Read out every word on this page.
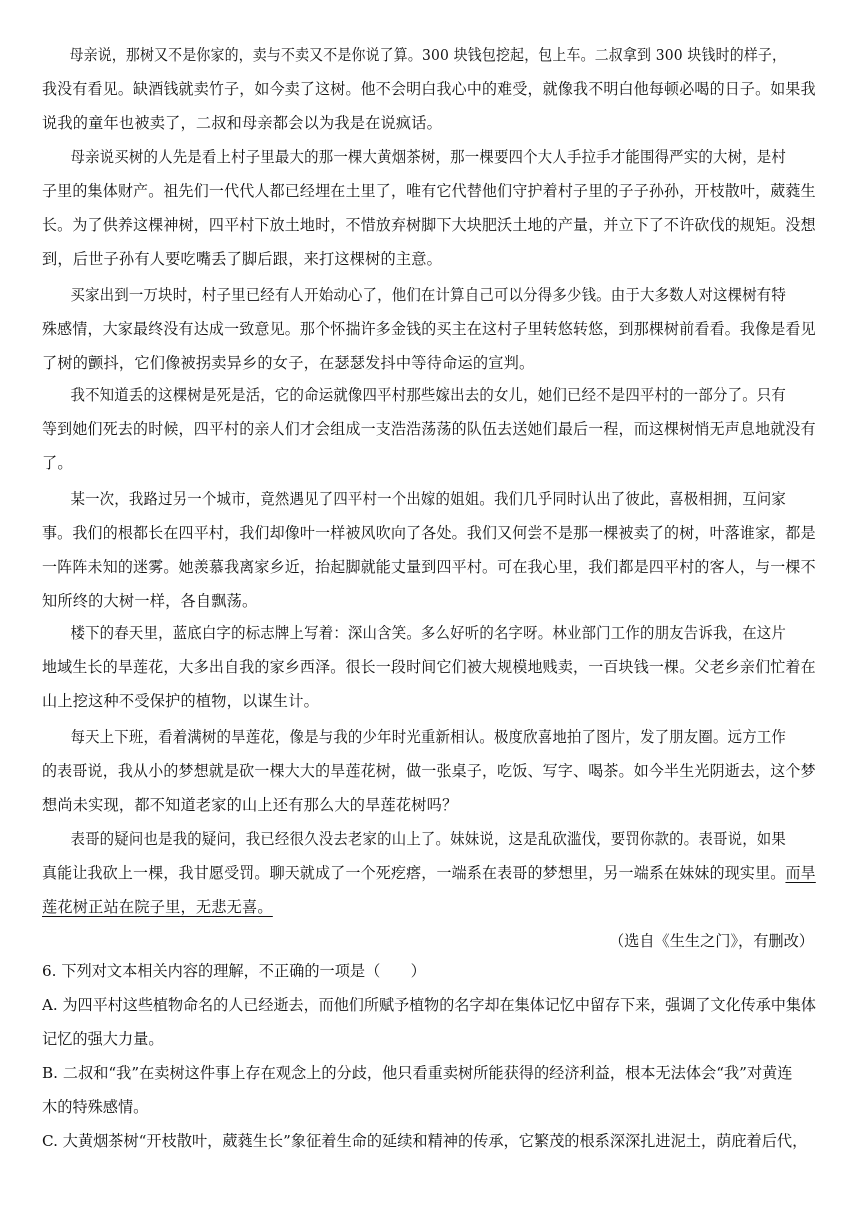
母亲说，那树又不是你家的，卖与不卖又不是你说了算。300 块钱包挖起，包上车。二叔拿到 300 块钱时的样子，
我没有看见。缺酒钱就卖竹子，如今卖了这树。他不会明白我心中的难受，就像我不明白他每顿必喝的日子。如果我
说我的童年也被卖了，二叔和母亲都会以为我是在说疯话。

母亲说买树的人先是看上村子里最大的那一棵大黄烟茶树，那一棵要四个大人手拉手才能围得严实的大树，是村
子里的集体财产。祖先们一代代人都已经埋在土里了，唯有它代替他们守护着村子里的子子孙孙，开枝散叶，葳蕤生
长。为了供养这棵神树，四平村下放土地时，不惜放弃树脚下大块肥沃土地的产量，并立下了不许砍伐的规矩。没想
到，后世子孙有人要吃嘴丢了脚后跟，来打这棵树的主意。

买家出到一万块时，村子里已经有人开始动心了，他们在计算自己可以分得多少钱。由于大多数人对这棵树有特
殊感情，大家最终没有达成一致意见。那个怀揣许多金钱的买主在这村子里转悠转悠，到那棵树前看看。我像是看见
了树的颤抖，它们像被拐卖异乡的女子，在瑟瑟发抖中等待命运的宣判。

我不知道丢的这棵树是死是活，它的命运就像四平村那些嫁出去的女儿，她们已经不是四平村的一部分了。只有
等到她们死去的时候，四平村的亲人们才会组成一支浩浩荡荡的队伍去送她们最后一程，而这棵树悄无声息地就没有
了。

某一次，我路过另一个城市，竟然遇见了四平村一个出嫁的姐姐。我们几乎同时认出了彼此，喜极相拥，互问家
事。我们的根都长在四平村，我们却像叶一样被风吹向了各处。我们又何尝不是那一棵被卖了的树，叶落谁家，都是
一阵阵未知的迷雾。她羡慕我离家乡近，抬起脚就能丈量到四平村。可在我心里，我们都是四平村的客人，与一棵不
知所终的大树一样，各自飘荡。

楼下的春天里，蓝底白字的标志牌上写着：深山含笑。多么好听的名字呀。林业部门工作的朋友告诉我，在这片
地域生长的旱莲花，大多出自我的家乡西泽。很长一段时间它们被大规模地贱卖，一百块钱一棵。父老乡亲们忙着在
山上挖这种不受保护的植物，以谋生计。

每天上下班，看着满树的旱莲花，像是与我的少年时光重新相认。极度欣喜地拍了图片，发了朋友圈。远方工作
的表哥说，我从小的梦想就是砍一棵大大的旱莲花树，做一张桌子，吃饭、写字、喝茶。如今半生光阴逝去，这个梦
想尚未实现，都不知道老家的山上还有那么大的旱莲花树吗？

表哥的疑问也是我的疑问，我已经很久没去老家的山上了。妹妹说，这是乱砍滥伐，要罚你款的。表哥说，如果
真能让我砍上一棵，我甘愿受罚。聊天就成了一个死疙瘩，一端系在表哥的梦想里，另一端系在妹妹的现实里。而旱
莲花树正站在院子里，无悲无喜。

（选自《生生之门》，有删改）
6. 下列对文本相关内容的理解，不正确的一项是（　　）
A. 为四平村这些植物命名的人已经逝去，而他们所赋予植物的名字却在集体记忆中留存下来，强调了文化传承中集体
记忆的强大力量。
B. 二叔和“我”在卖树这件事上存在观念上的分歧，他只看重卖树所能获得的经济利益，根本无法体会“我”对黄连
木的特殊感情。
C. 大黄烟茶树“开枝散叶，葳蕤生长”象征着生命的延续和精神的传承，它繁茂的根系深深扎进泥土，荫庇着后代，
